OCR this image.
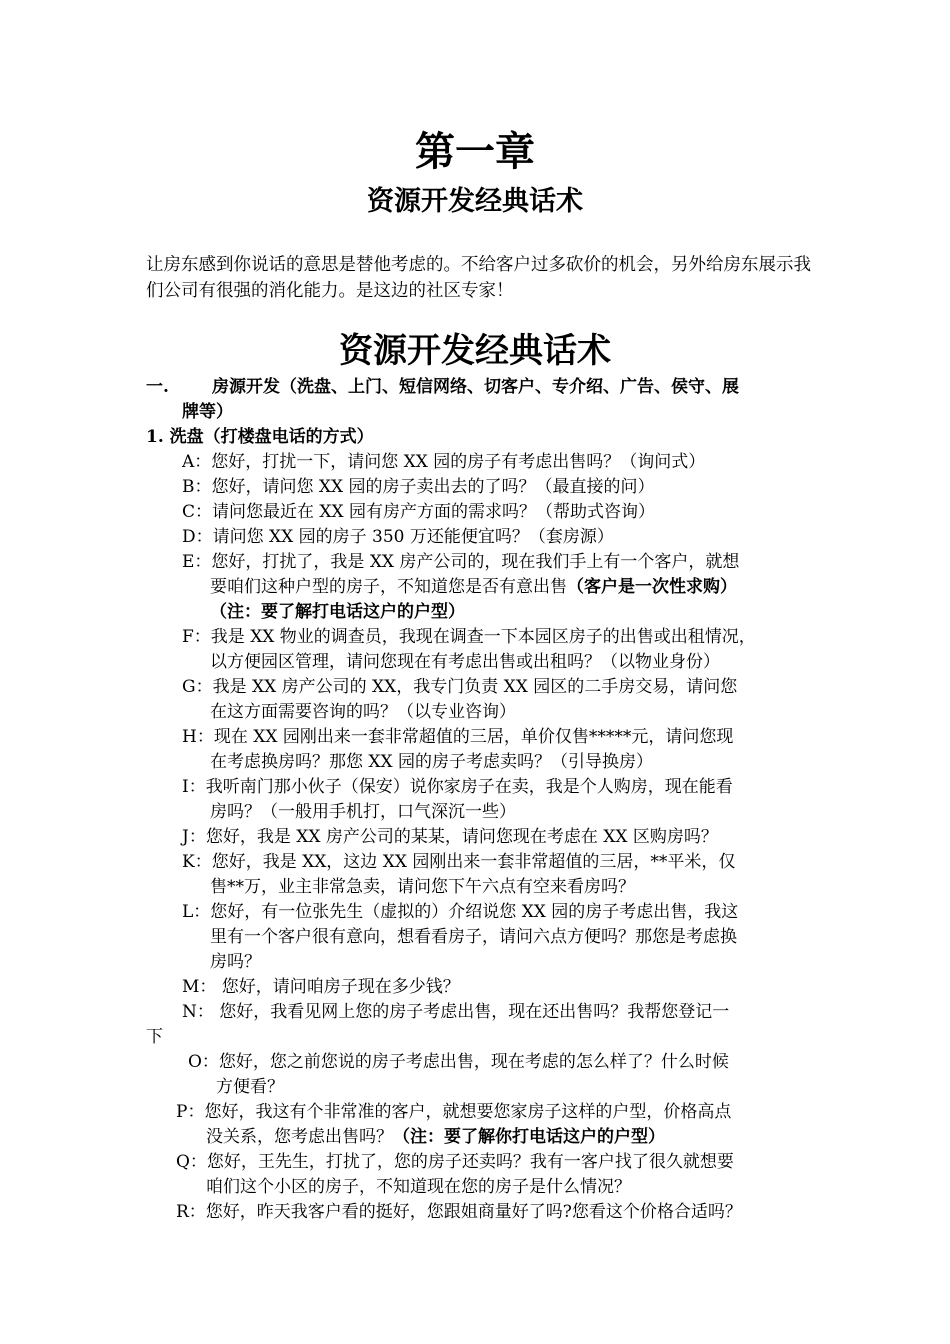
第一章
资源开发经典话术
让房东感到你说话的意思是替他考虑的。不给客户过多砍价的机会，另外给房东展示我们公司有很强的消化能力。是这边的社区专家！
资源开发经典话术
一.	房源开发（洗盘、上门、短信网络、切客户、专介绍、广告、侯守、展
牌等）
1. 洗盘（打楼盘电话的方式）
A：您好，打扰一下，请问您 XX 园的房子有考虑出售吗？（询问式）
B：您好，请问您 XX 园的房子卖出去的了吗？（最直接的问）
C：请问您最近在 XX 园有房产方面的需求吗？（帮助式咨询）
D：请问您 XX 园的房子 350 万还能便宜吗？（套房源）
E：您好，打扰了，我是 XX 房产公司的，现在我们手上有一个客户，就想
要咱们这种户型的房子，不知道您是否有意出售（客户是一次性求购）
（注：要了解打电话这户的户型）
F：我是 XX 物业的调查员，我现在调查一下本园区房子的出售或出租情况，
以方便园区管理，请问您现在有考虑出售或出租吗？（以物业身份）
G：我是 XX 房产公司的 XX，我专门负责 XX 园区的二手房交易，请问您
在这方面需要咨询的吗？（以专业咨询）
H：现在 XX 园刚出来一套非常超值的三居，单价仅售*****元，请问您现
在考虑换房吗？那您 XX 园的房子考虑卖吗？（引导换房）
I：我听南门那小伙子（保安）说你家房子在卖，我是个人购房，现在能看
房吗？（一般用手机打，口气深沉一些）
J：您好，我是 XX 房产公司的某某，请问您现在考虑在 XX 区购房吗？
K：您好，我是 XX，这边 XX 园刚出来一套非常超值的三居，**平米，仅
售**万，业主非常急卖，请问您下午六点有空来看房吗？
L：您好，有一位张先生（虚拟的）介绍说您 XX 园的房子考虑出售，我这
里有一个客户很有意向，想看看房子，请问六点方便吗？那您是考虑换
房吗？
M： 您好，请问咱房子现在多少钱？
N： 您好，我看见网上您的房子考虑出售，现在还出售吗？我帮您登记一
下
O：您好，您之前您说的房子考虑出售，现在考虑的怎么样了？什么时候
方便看？
P：您好，我这有个非常准的客户，就想要您家房子这样的户型，价格高点
没关系，您考虑出售吗？（注：要了解你打电话这户的户型）
Q：您好，王先生，打扰了，您的房子还卖吗？我有一客户找了很久就想要
咱们这个小区的房子，不知道现在您的房子是什么情况？
R：您好，昨天我客户看的挺好，您跟姐商量好了吗?您看这个价格合适吗？
